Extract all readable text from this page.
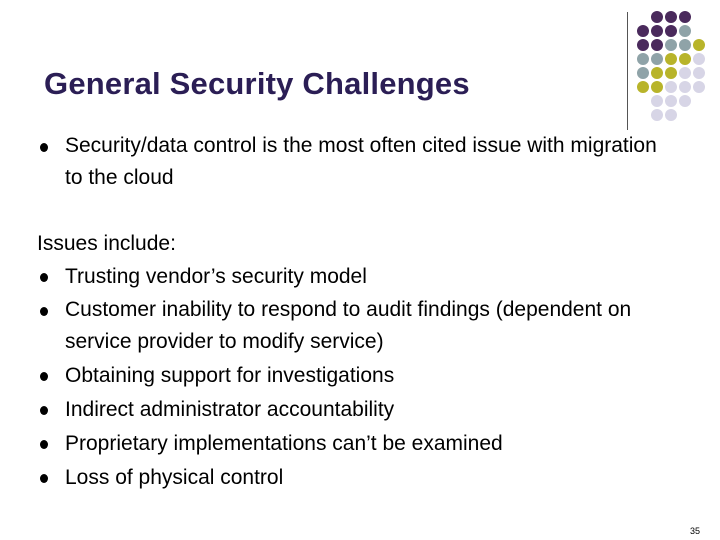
General Security Challenges
Security/data control is the most often cited issue with migration to the cloud

Issues include:

Trusting vendor’s security model
Customer inability to respond to audit findings (dependent on service provider to modify service)
Obtaining support for investigations
Indirect administrator accountability
Proprietary implementations can’t be examined
Loss of physical control
35
